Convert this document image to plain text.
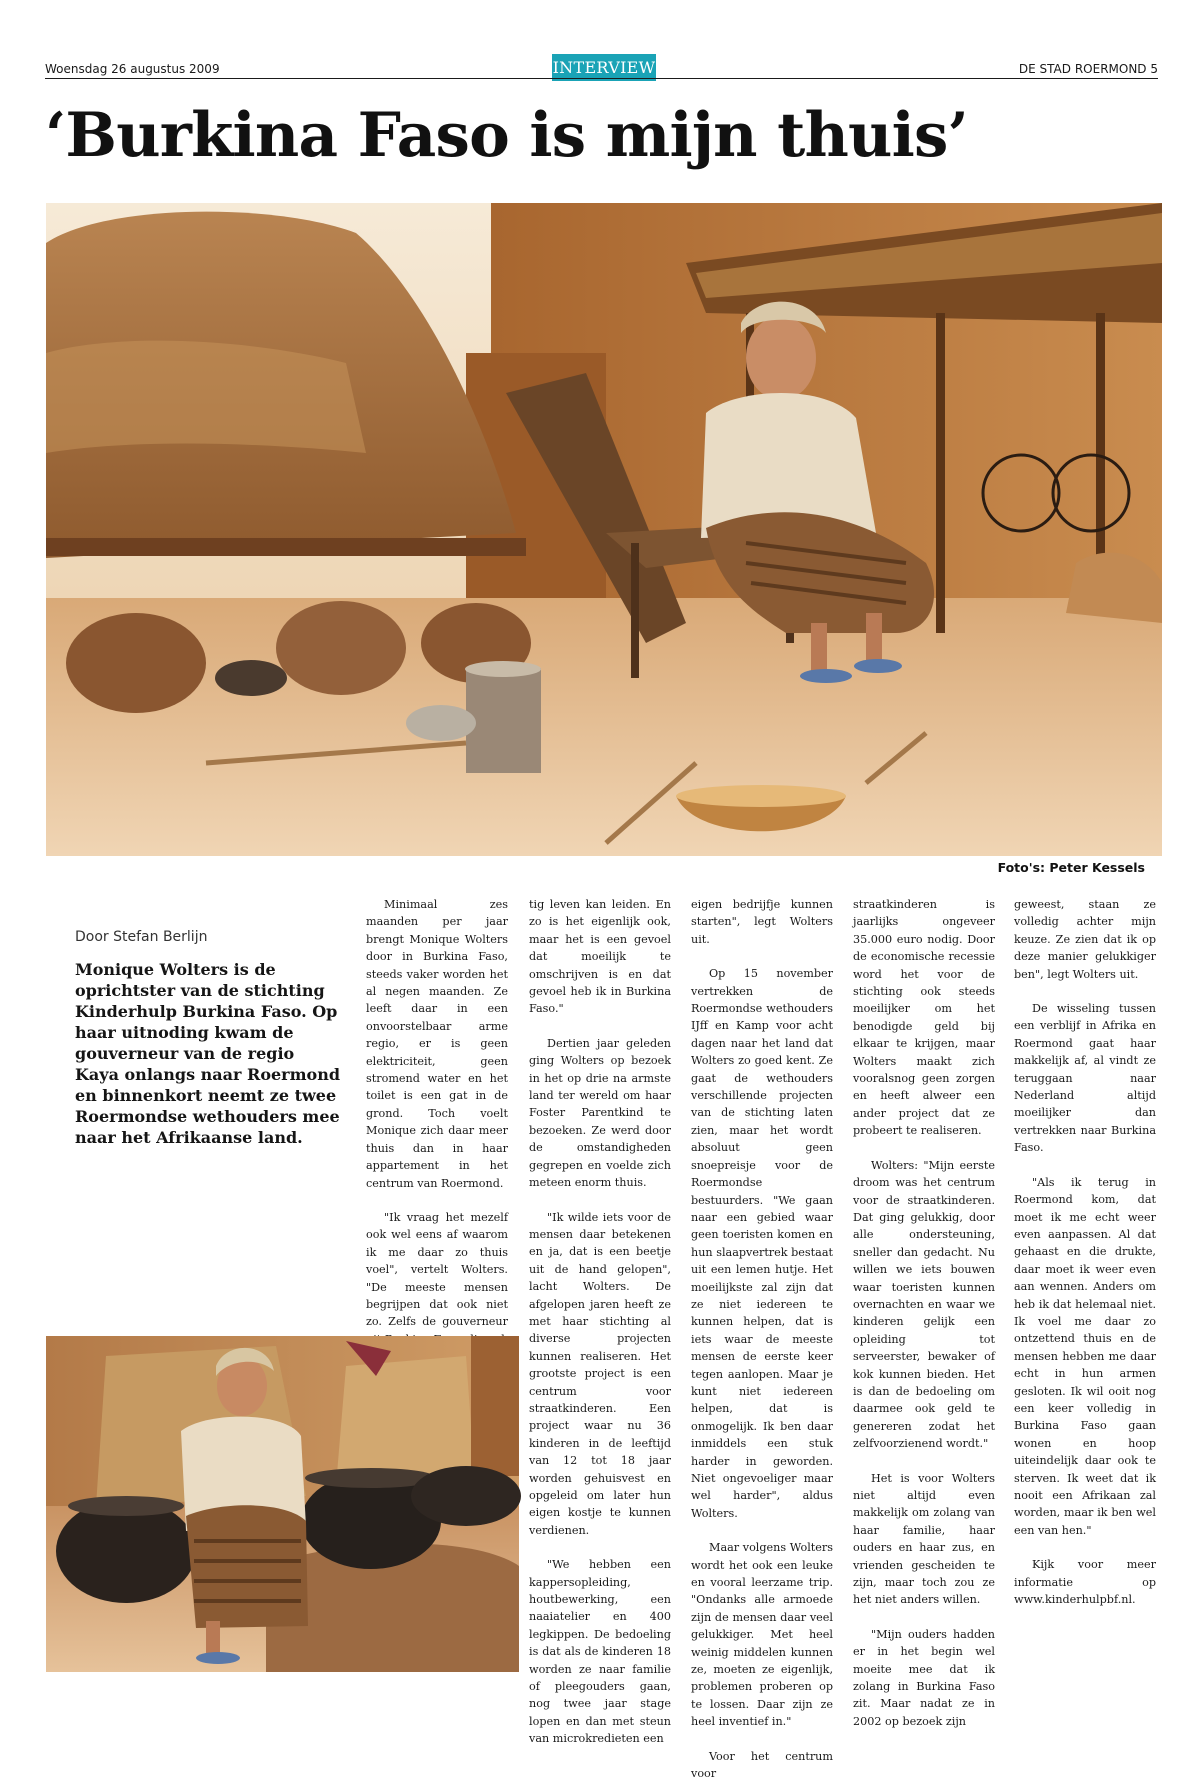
Woensdag 26 augustus 2009	INTERVIEW	DE STAD ROERMOND 5
‘Burkina Faso is mijn thuis’
Foto's: Peter Kessels
Door Stefan Berlijn

Monique Wolters is de oprichtster van de stichting Kinderhulp Burkina Faso. Op haar uitnoding kwam de gouverneur van de regio Kaya onlangs naar Roermond en binnenkort neemt ze twee Roermondse wethouders mee naar het Afrikaanse land.

Minimaal zes maanden per jaar brengt Monique Wolters door in Burkina Faso, steeds vaker worden het al negen maanden. Ze leeft daar in een onvoorstelbaar arme regio, er is geen elektriciteit, geen stromend water en het toilet is een gat in de grond. Toch voelt Monique zich daar meer thuis dan in haar appartement in het centrum van Roermond.

"Ik vraag het mezelf ook wel eens af waarom ik me daar zo thuis voel", vertelt Wolters. "De meeste mensen begrijpen dat ook niet zo. Zelfs de gouverneur

tig leven kan leiden. En zo is het eigenlijk ook, maar het is een gevoel dat moeilijk te omschrijven is en dat gevoel heb ik in Burkina Faso."

Dertien jaar geleden ging Wolters op bezoek in het op drie na armste land ter wereld om haar Foster Parentkind te bezoeken. Ze werd door de omstandigheden gegrepen en voelde zich meteen enorm thuis.

"Ik wilde iets voor de mensen daar betekenen en ja, dat is een beetje uit de hand gelopen", lacht Wolters. De afgelopen jaren heeft ze met haar stichting al diverse projecten kunnen realiseren. Het grootste project is een centrum voor straatkinderen. Een project waar nu 36 kinderen in de leeftijd van 12 tot 18 jaar worden gehuisvest en opgeleid om later hun eigen kostje te kunnen verdienen.

"We hebben een kappersopleiding, houtbewerking, een naaiatelier en 400 legkippen. De bedoeling is dat als de kinderen 18 worden ze naar familie of pleegouders gaan, nog twee jaar stage lopen en dan met steun van microkredieten een

eigen bedrijfje kunnen starten", legt Wolters uit.

Op 15 november vertrekken de Roermondse wethouders IJff en Kamp voor acht dagen naar het land dat Wolters zo goed kent. Ze gaat de wethouders verschillende projecten van de stichting laten zien, maar het wordt absoluut geen snoepreisje voor de Roermondse bestuurders. "We gaan naar een gebied waar geen toeristen komen en hun slaapvertrek bestaat uit een lemen hutje. Het moeilijkste zal zijn dat ze niet iedereen te kunnen helpen, dat is iets waar de meeste mensen de eerste keer tegen aanlopen. Maar je kunt niet iedereen helpen, dat is onmogelijk. Ik ben daar inmiddels een stuk harder in geworden. Niet ongevoeliger maar wel harder", aldus Wolters.

Maar volgens Wolters wordt het ook een leuke en vooral leerzame trip. "Ondanks alle armoede zijn de mensen daar veel gelukkiger. Met heel weinig middelen kunnen ze, moeten ze eigenlijk, problemen proberen op te lossen. Daar zijn ze heel inventief in."

Voor het centrum voor

straatkinderen is jaarlijks ongeveer 35.000 euro nodig. Door de economische recessie word het voor de stichting ook steeds moeilijker om het benodigde geld bij elkaar te krijgen, maar Wolters maakt zich vooralsnog geen zorgen en heeft alweer een ander project dat ze probeert te realiseren.

Wolters: "Mijn eerste droom was het centrum voor de straatkinderen. Dat ging gelukkig, door alle ondersteuning, sneller dan gedacht. Nu willen we iets bouwen waar toeristen kunnen overnachten en waar we kinderen gelijk een opleiding tot serveerster, bewaker of kok kunnen bieden. Het is dan de bedoeling om daarmee ook geld te genereren zodat het zelfvoorzienend wordt."

Het is voor Wolters niet altijd even makkelijk om zolang van haar familie, haar ouders en haar zus, en vrienden gescheiden te zijn, maar toch zou ze het niet anders willen.

"Mijn ouders hadden er in het begin wel moeite mee dat ik zolang in Burkina Faso zit. Maar nadat ze in 2002 op bezoek zijn

geweest, staan ze volledig achter mijn keuze. Ze zien dat ik op deze manier gelukkiger ben", legt Wolters uit.

De wisseling tussen een verblijf in Afrika en Roermond gaat haar makkelijk af, al vindt ze teruggaan naar Nederland altijd moeilijker dan vertrekken naar Burkina Faso.

"Als ik terug in Roermond kom, dat moet ik me echt weer even aanpassen. Al dat gehaast en die drukte, daar moet ik weer even aan wennen. Anders om heb ik dat helemaal niet. Ik voel me daar zo ontzettend thuis en de mensen hebben me daar echt in hun armen gesloten. Ik wil ooit nog een keer volledig in Burkina Faso gaan wonen en hoop uiteindelijk daar ook te sterven. Ik weet dat ik nooit een Afrikaan zal worden, maar ik ben wel een van hen."

Kijk voor meer informatie op www.kinderhulpbf.nl.
